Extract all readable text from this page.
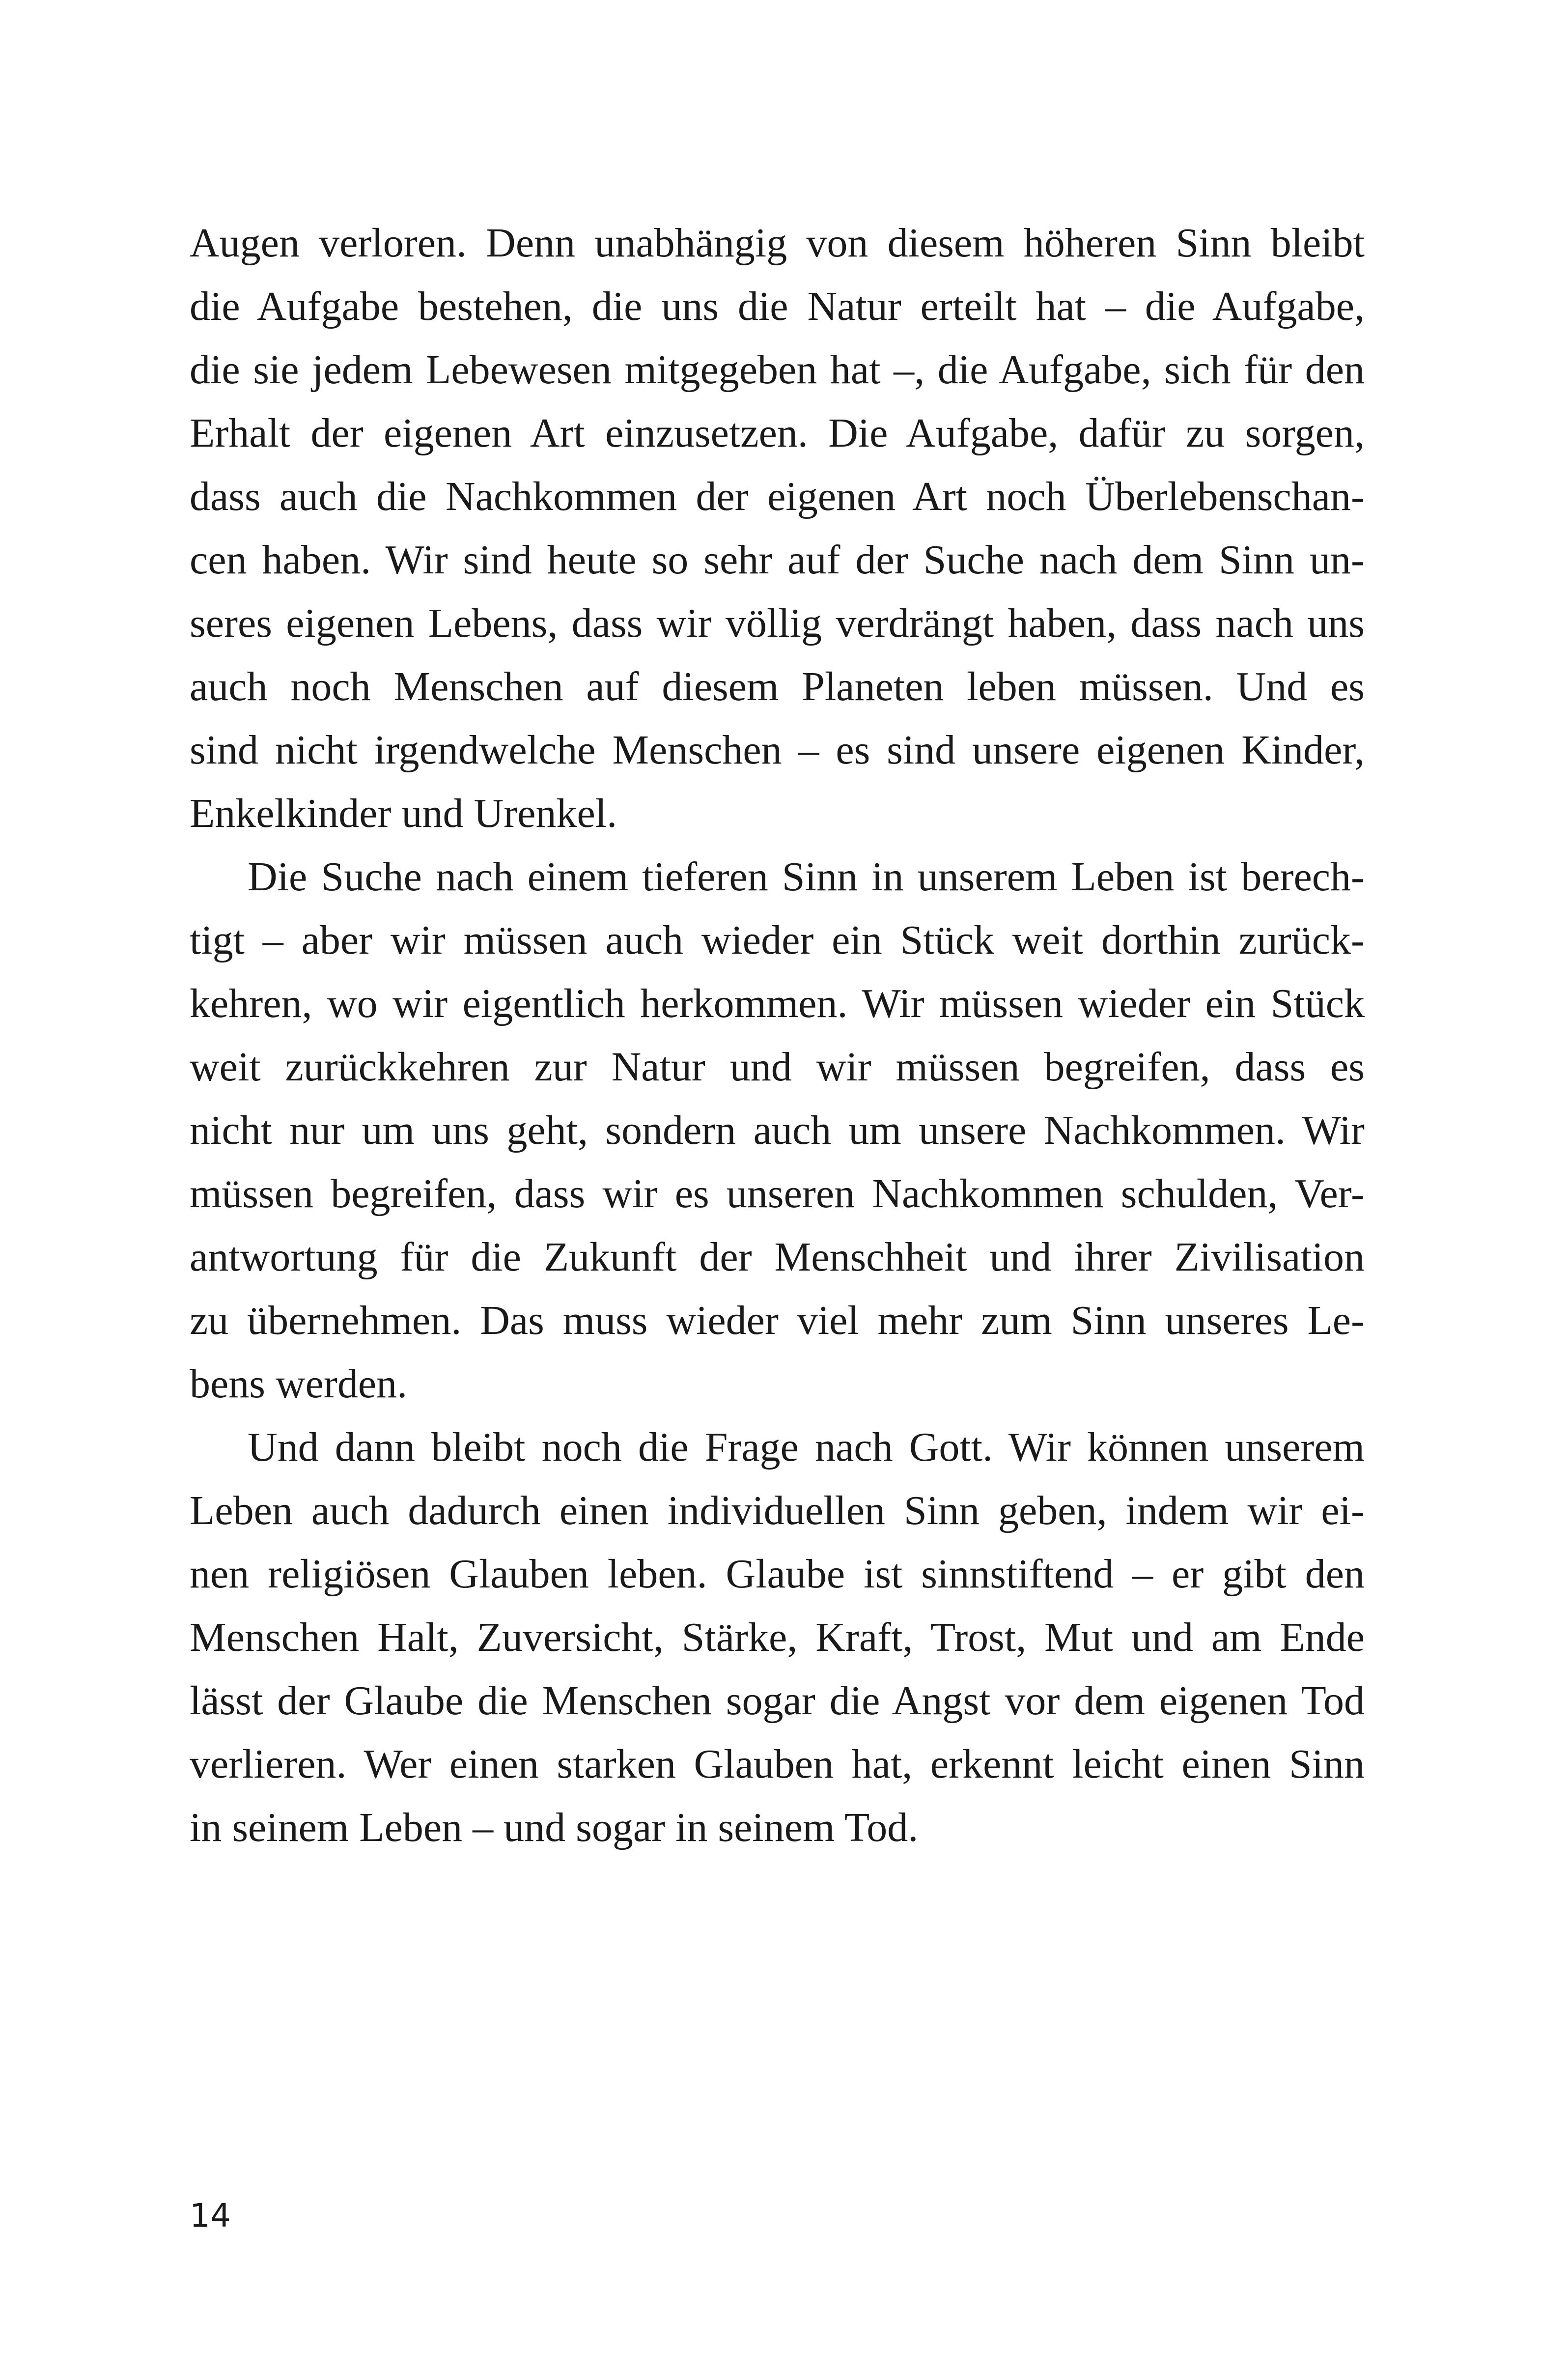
Augen verloren. Denn unabhängig von diesem höheren Sinn bleibt
die Aufgabe bestehen, die uns die Natur erteilt hat – die Aufgabe,
die sie jedem Lebewesen mitgegeben hat –, die Aufgabe, sich für den
Erhalt der eigenen Art einzusetzen. Die Aufgabe, dafür zu sorgen,
dass auch die Nachkommen der eigenen Art noch Überlebenschan-
cen haben. Wir sind heute so sehr auf der Suche nach dem Sinn un-
seres eigenen Lebens, dass wir völlig verdrängt haben, dass nach uns
auch noch Menschen auf diesem Planeten leben müssen. Und es
sind nicht irgendwelche Menschen – es sind unsere eigenen Kinder,
Enkelkinder und Urenkel.
Die Suche nach einem tieferen Sinn in unserem Leben ist berech-
tigt – aber wir müssen auch wieder ein Stück weit dorthin zurück-
kehren, wo wir eigentlich herkommen. Wir müssen wieder ein Stück
weit zurückkehren zur Natur und wir müssen begreifen, dass es
nicht nur um uns geht, sondern auch um unsere Nachkommen. Wir
müssen begreifen, dass wir es unseren Nachkommen schulden, Ver-
antwortung für die Zukunft der Menschheit und ihrer Zivilisation
zu übernehmen. Das muss wieder viel mehr zum Sinn unseres Le-
bens werden.
Und dann bleibt noch die Frage nach Gott. Wir können unserem
Leben auch dadurch einen individuellen Sinn geben, indem wir ei-
nen religiösen Glauben leben. Glaube ist sinnstiftend – er gibt den
Menschen Halt, Zuversicht, Stärke, Kraft, Trost, Mut und am Ende
lässt der Glaube die Menschen sogar die Angst vor dem eigenen Tod
verlieren. Wer einen starken Glauben hat, erkennt leicht einen Sinn
in seinem Leben – und sogar in seinem Tod.
14
